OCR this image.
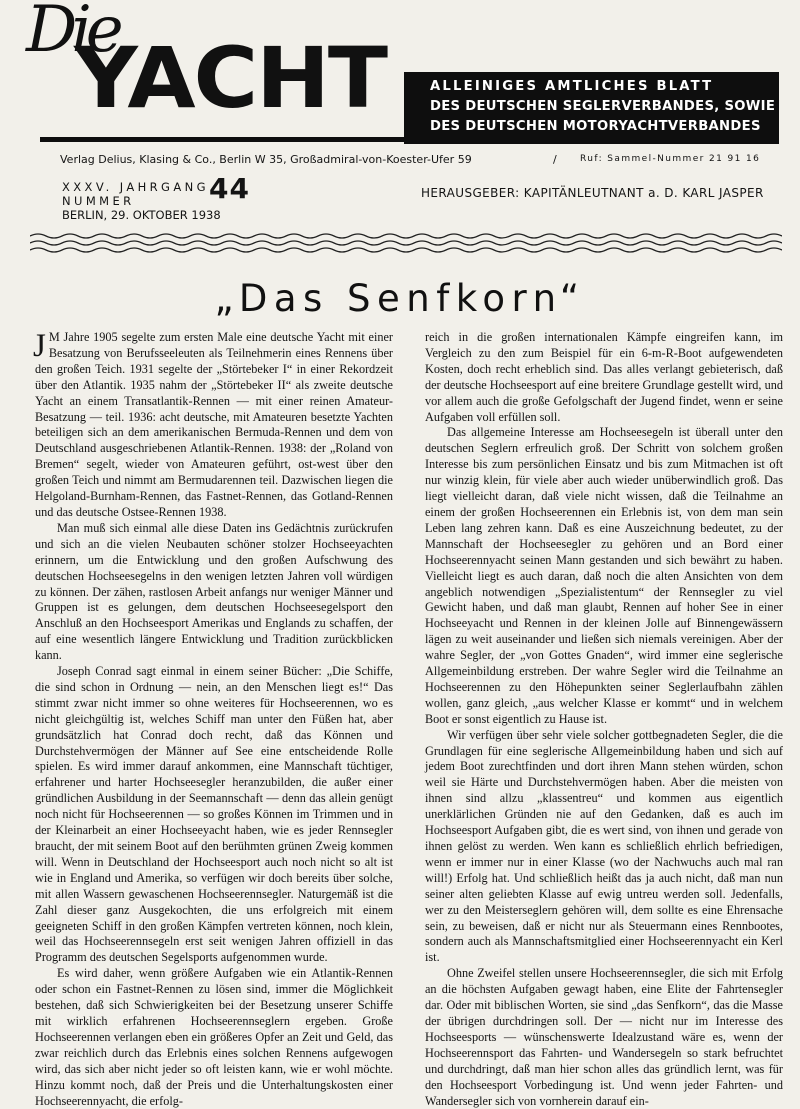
Die
YACHT	ALLEINIGES AMTLICHES BLATT
DES DEUTSCHEN SEGLERVERBANDES, SOWIE
DES DEUTSCHEN MOTORYACHTVERBANDES
Verlag Delius, Klasing & Co., Berlin W 35, Großadmiral-von-Koester-Ufer 59	/	Ruf: Sammel-Nummer 21 91 16
XXXV. JAHRGANG
NUMMER
BERLIN, 29. OKTOBER 1938
44	HERAUSGEBER: KAPITÄNLEUTNANT a. D. KARL JASPER
„Das Senfkorn“

J M Jahre 1905 segelte zum ersten Male eine deutsche Yacht mit einer Besatzung von Berufsseeleuten als Teilnehmerin eines Rennens über den großen Teich. 1931 segelte der „Störtebeker I“ in einer Rekordzeit über den Atlantik. 1935 nahm der „Störtebeker II“ als zweite deutsche Yacht an einem Transatlantik-Rennen — mit einer reinen Amateur-Besatzung — teil. 1936: acht deutsche, mit Amateuren besetzte Yachten beteiligen sich an dem amerikanischen Bermuda-Rennen und dem von Deutschland ausgeschriebenen Atlantik-Rennen. 1938: der „Roland von Bremen“ segelt, wieder von Amateuren geführt, ost-west über den großen Teich und nimmt am Bermudarennen teil. Dazwischen liegen die Helgoland-Burnham-Rennen, das Fastnet-Rennen, das Gotland-Rennen und das deutsche Ostsee-Rennen 1938.

Man muß sich einmal alle diese Daten ins Gedächtnis zurückrufen und sich an die vielen Neubauten schöner stolzer Hochseeyachten erinnern, um die Entwicklung und den großen Aufschwung des deutschen Hochseesegelns in den wenigen letzten Jahren voll würdigen zu können. Der zähen, rastlosen Arbeit anfangs nur weniger Männer und Gruppen ist es gelungen, dem deutschen Hochseesegelsport den Anschluß an den Hochseesport Amerikas und Englands zu schaffen, der auf eine wesentlich längere Entwicklung und Tradition zurückblicken kann.

Joseph Conrad sagt einmal in einem seiner Bücher: „Die Schiffe, die sind schon in Ordnung — nein, an den Menschen liegt es!“ Das stimmt zwar nicht immer so ohne weiteres für Hochseerennen, wo es nicht gleichgültig ist, welches Schiff man unter den Füßen hat, aber grundsätzlich hat Conrad doch recht, daß das Können und Durchstehvermögen der Männer auf See eine entscheidende Rolle spielen. Es wird immer darauf ankommen, eine Mannschaft tüchtiger, erfahrener und harter Hochseesegler heranzubilden, die außer einer gründlichen Ausbildung in der Seemannschaft — denn das allein genügt noch nicht für Hochseerennen — so großes Können im Trimmen und in der Kleinarbeit an einer Hochseeyacht haben, wie es jeder Rennsegler braucht, der mit seinem Boot auf den berühmten grünen Zweig kommen will. Wenn in Deutschland der Hochseesport auch noch nicht so alt ist wie in England und Amerika, so verfügen wir doch bereits über solche, mit allen Wassern gewaschenen Hochseerennsegler. Naturgemäß ist die Zahl dieser ganz Ausgekochten, die uns erfolgreich mit einem geeigneten Schiff in den großen Kämpfen vertreten können, noch klein, weil das Hochseerennsegeln erst seit wenigen Jahren offiziell in das Programm des deutschen Segelsports aufgenommen wurde.

Es wird daher, wenn größere Aufgaben wie ein Atlantik-Rennen oder schon ein Fastnet-Rennen zu lösen sind, immer die Möglichkeit bestehen, daß sich Schwierigkeiten bei der Besetzung unserer Schiffe mit wirklich erfahrenen Hochseerennseglern ergeben. Große Hochseerennen verlangen eben ein größeres Opfer an Zeit und Geld, das zwar reichlich durch das Erlebnis eines solchen Rennens aufgewogen wird, das sich aber nicht jeder so oft leisten kann, wie er wohl möchte. Hinzu kommt noch, daß der Preis und die Unterhaltungskosten einer Hochseerennyacht, die erfolg-

reich in die großen internationalen Kämpfe eingreifen kann, im Vergleich zu den zum Beispiel für ein 6-m-R-Boot aufgewendeten Kosten, doch recht erheblich sind. Das alles verlangt gebieterisch, daß der deutsche Hochseesport auf eine breitere Grundlage gestellt wird, und vor allem auch die große Gefolgschaft der Jugend findet, wenn er seine Aufgaben voll erfüllen soll.

Das allgemeine Interesse am Hochseesegeln ist überall unter den deutschen Seglern erfreulich groß. Der Schritt von solchem großen Interesse bis zum persönlichen Einsatz und bis zum Mitmachen ist oft nur winzig klein, für viele aber auch wieder unüberwindlich groß. Das liegt vielleicht daran, daß viele nicht wissen, daß die Teilnahme an einem der großen Hochseerennen ein Erlebnis ist, von dem man sein Leben lang zehren kann. Daß es eine Auszeichnung bedeutet, zu der Mannschaft der Hochseesegler zu gehören und an Bord einer Hochseerennyacht seinen Mann gestanden und sich bewährt zu haben. Vielleicht liegt es auch daran, daß noch die alten Ansichten von dem angeblich notwendigen „Spezialistentum“ der Rennsegler zu viel Gewicht haben, und daß man glaubt, Rennen auf hoher See in einer Hochseeyacht und Rennen in der kleinen Jolle auf Binnengewässern lägen zu weit auseinander und ließen sich niemals vereinigen. Aber der wahre Segler, der „von Gottes Gnaden“, wird immer eine seglerische Allgemeinbildung erstreben. Der wahre Segler wird die Teilnahme an Hochseerennen zu den Höhepunkten seiner Seglerlaufbahn zählen wollen, ganz gleich, „aus welcher Klasse er kommt“ und in welchem Boot er sonst eigentlich zu Hause ist.

Wir verfügen über sehr viele solcher gottbegnadeten Segler, die die Grundlagen für eine seglerische Allgemeinbildung haben und sich auf jedem Boot zurechtfinden und dort ihren Mann stehen würden, schon weil sie Härte und Durchstehvermögen haben. Aber die meisten von ihnen sind allzu „klassentreu“ und kommen aus eigentlich unerklärlichen Gründen nie auf den Gedanken, daß es auch im Hochseesport Aufgaben gibt, die es wert sind, von ihnen und gerade von ihnen gelöst zu werden. Wen kann es schließlich ehrlich befriedigen, wenn er immer nur in einer Klasse (wo der Nachwuchs auch mal ran will!) Erfolg hat. Und schließlich heißt das ja auch nicht, daß man nun seiner alten geliebten Klasse auf ewig untreu werden soll. Jedenfalls, wer zu den Meisterseglern gehören will, dem sollte es eine Ehrensache sein, zu beweisen, daß er nicht nur als Steuermann eines Rennbootes, sondern auch als Mannschaftsmitglied einer Hochseerennyacht ein Kerl ist.

Ohne Zweifel stellen unsere Hochseerennsegler, die sich mit Erfolg an die höchsten Aufgaben gewagt haben, eine Elite der Fahrtensegler dar. Oder mit biblischen Worten, sie sind „das Senfkorn“, das die Masse der übrigen durchdringen soll. Der — nicht nur im Interesse des Hochseesports — wünschenswerte Idealzustand wäre es, wenn der Hochseerennsport das Fahrten- und Wandersegeln so stark befruchtet und durchdringt, daß man hier schon alles das gründlich lernt, was für den Hochseesport Vorbedingung ist. Und wenn jeder Fahrten- und Wandersegler sich von vornherein darauf ein-
